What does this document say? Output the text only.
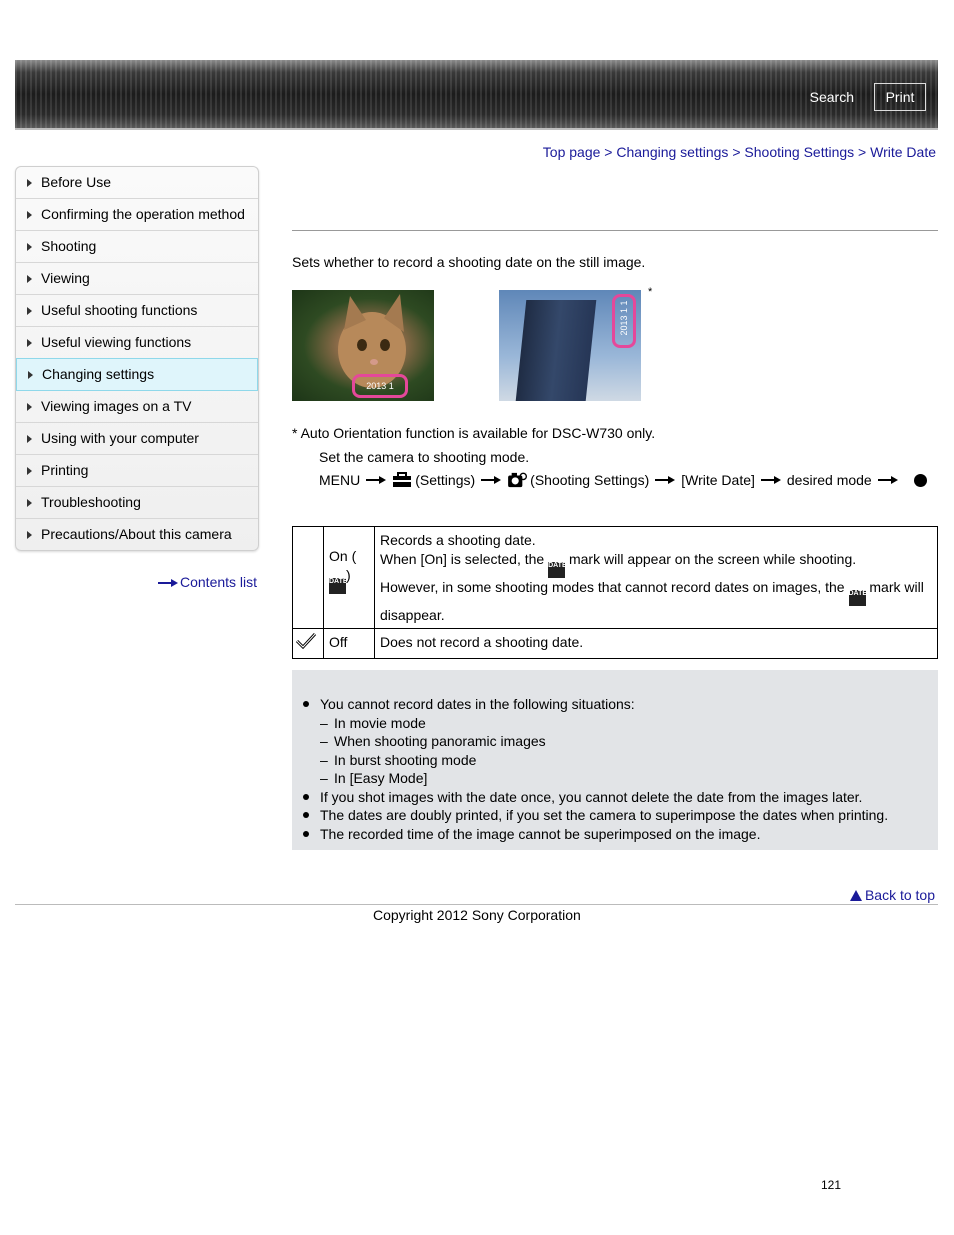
Search	Print
Top page > Changing settings > Shooting Settings > Write Date
Before Use
Confirming the operation method
Shooting
Viewing
Useful shooting functions
Useful viewing functions
Changing settings
Viewing images on a TV
Using with your computer
Printing
Troubleshooting
Precautions/About this camera
Contents list
Sets whether to record a shooting date on the still image.
2013 1
2013 1 1
*
* Auto Orientation function is available for DSC-W730 only.
Set the camera to shooting mode.
MENU	(Settings)	(Shooting Settings) [Write Date] desired mode
	On (
DATE)	Records a shooting date.
When [On] is selected, the DATE mark will appear on the screen while shooting.
However, in some shooting modes that cannot record dates on images, the DATE mark will disappear.
	Off	Does not record a shooting date.
You cannot record dates in the following situations:
– In movie mode
– When shooting panoramic images
– In burst shooting mode
– In [Easy Mode]
If you shot images with the date once, you cannot delete the date from the images later.
The dates are doubly printed, if you set the camera to superimpose the dates when printing.
The recorded time of the image cannot be superimposed on the image.
Back to top
Copyright 2012 Sony Corporation
121
